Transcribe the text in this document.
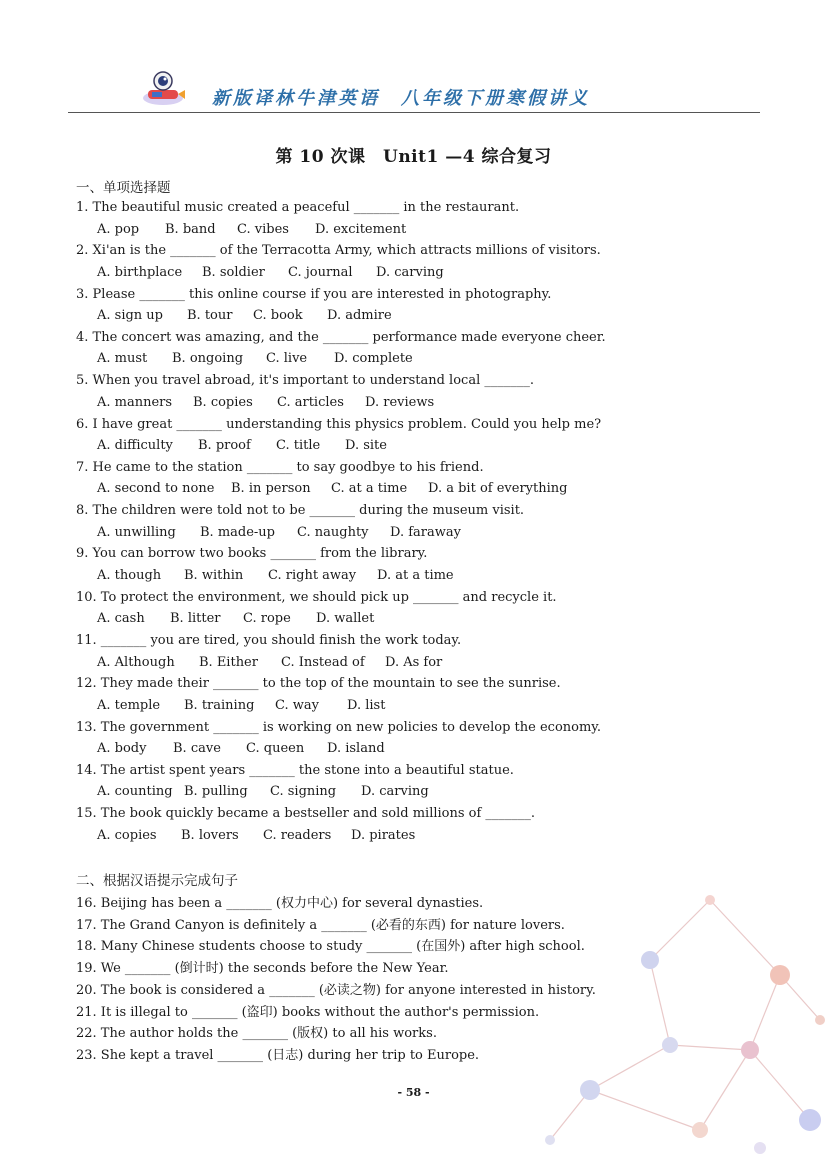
新版译林牛津英语　八年级下册寒假讲义
第 10 次课　Unit1 —4 综合复习
一、单项选择题
1. The beautiful music created a peaceful _______ in the restaurant.
A. pop B. band C. vibes D. excitement
2. Xi'an is the _______ of the Terracotta Army, which attracts millions of visitors.
A. birthplace B. soldier C. journal D. carving
3. Please _______ this online course if you are interested in photography.
A. sign up B. tour C. book D. admire
4. The concert was amazing, and the _______ performance made everyone cheer.
A. must B. ongoing C. live D. complete
5. When you travel abroad, it's important to understand local _______.
A. manners B. copies C. articles D. reviews
6. I have great _______ understanding this physics problem. Could you help me?
A. difficulty B. proof C. title D. site
7. He came to the station _______ to say goodbye to his friend.
A. second to none B. in person C. at a time D. a bit of everything
8. The children were told not to be _______ during the museum visit.
A. unwilling B. made-up C. naughty D. faraway
9. You can borrow two books _______ from the library.
A. though B. within C. right away D. at a time
10. To protect the environment, we should pick up _______ and recycle it.
A. cash B. litter C. rope D. wallet
11. _______ you are tired, you should finish the work today.
A. Although B. Either C. Instead of D. As for
12. They made their _______ to the top of the mountain to see the sunrise.
A. temple B. training C. way D. list
13. The government _______ is working on new policies to develop the economy.
A. body B. cave C. queen D. island
14. The artist spent years _______ the stone into a beautiful statue.
A. counting B. pulling C. signing D. carving
15. The book quickly became a bestseller and sold millions of _______.
A. copies B. lovers C. readers D. pirates
二、根据汉语提示完成句子
16. Beijing has been a _______ (权力中心) for several dynasties.
17. The Grand Canyon is definitely a _______ (必看的东西) for nature lovers.
18. Many Chinese students choose to study _______ (在国外) after high school.
19. We _______ (倒计时) the seconds before the New Year.
20. The book is considered a _______ (必读之物) for anyone interested in history.
21. It is illegal to _______ (盗印) books without the author's permission.
22. The author holds the _______ (版权) to all his works.
23. She kept a travel _______ (日志) during her trip to Europe.
- 58 -
